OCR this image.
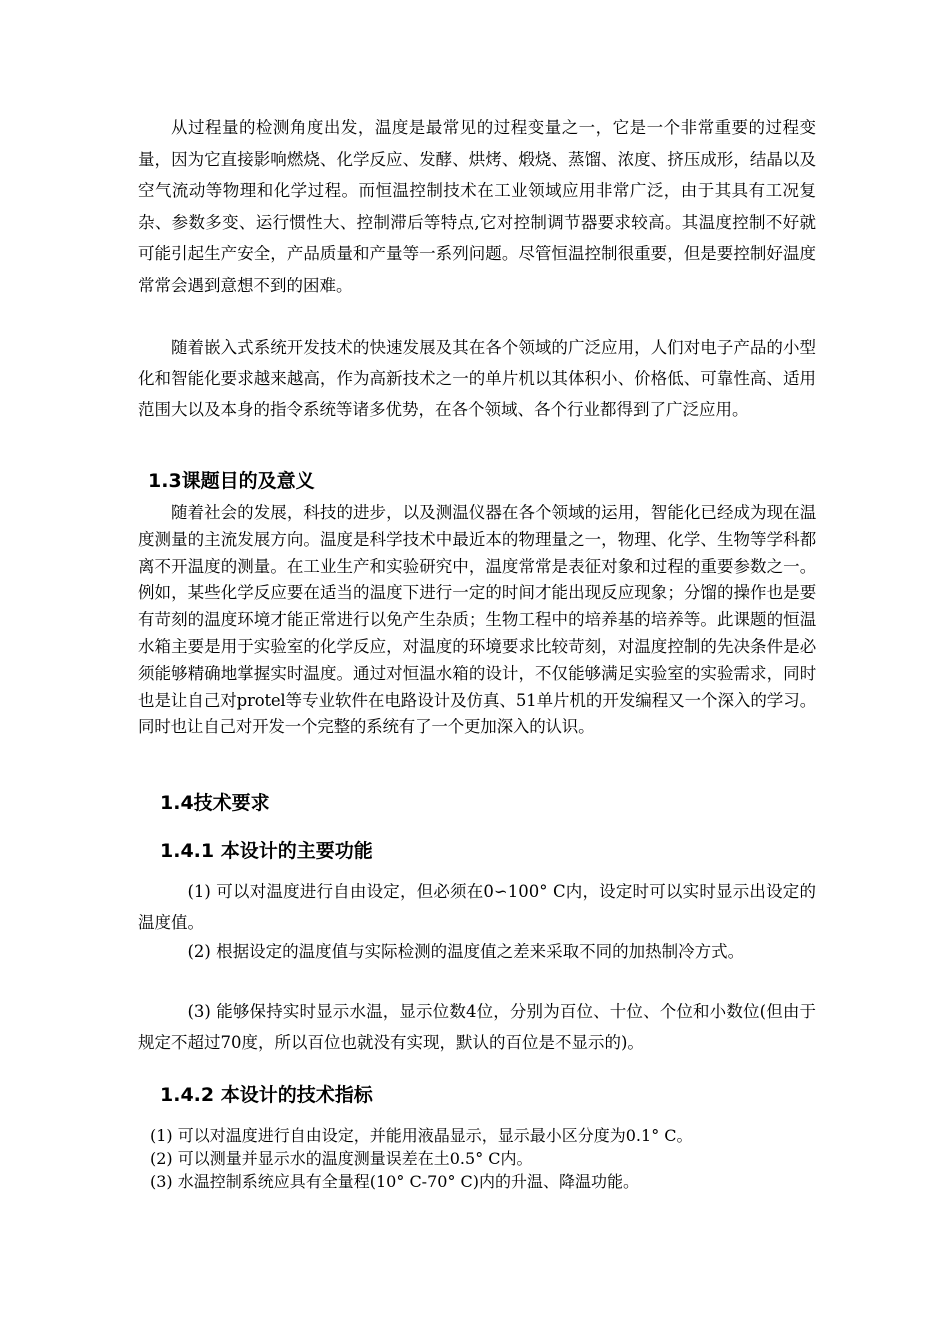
从过程量的检测角度出发，温度是最常见的过程变量之一，它是一个非常重要的过程变量，因为它直接影响燃烧、化学反应、发酵、烘烤、煅烧、蒸馏、浓度、挤压成形，结晶以及空气流动等物理和化学过程。而恒温控制技术在工业领域应用非常广泛，由于其具有工况复杂、参数多变、运行惯性大、控制滞后等特点,它对控制调节器要求较高。其温度控制不好就可能引起生产安全，产品质量和产量等一系列问题。尽管恒温控制很重要，但是要控制好温度常常会遇到意想不到的困难。

随着嵌入式系统开发技术的快速发展及其在各个领域的广泛应用，人们对电子产品的小型化和智能化要求越来越高，作为高新技术之一的单片机以其体积小、价格低、可靠性高、适用范围大以及本身的指令系统等诸多优势，在各个领域、各个行业都得到了广泛应用。

1.3课题目的及意义

随着社会的发展，科技的进步，以及测温仪器在各个领域的运用，智能化已经成为现在温度测量的主流发展方向。温度是科学技术中最近本的物理量之一，物理、化学、生物等学科都离不开温度的测量。在工业生产和实验研究中，温度常常是表征对象和过程的重要参数之一。例如，某些化学反应要在适当的温度下进行一定的时间才能出现反应现象；分馏的操作也是要有苛刻的温度环境才能正常进行以免产生杂质；生物工程中的培养基的培养等。此课题的恒温水箱主要是用于实验室的化学反应，对温度的环境要求比较苛刻，对温度控制的先决条件是必须能够精确地掌握实时温度。通过对恒温水箱的设计，不仅能够满足实验室的实验需求，同时也是让自己对protel等专业软件在电路设计及仿真、51单片机的开发编程又一个深入的学习。同时也让自己对开发一个完整的系统有了一个更加深入的认识。

1.4技术要求
1.4.1 本设计的主要功能

(1) 可以对温度进行自由设定，但必须在0∽100° C内，设定时可以实时显示出设定的温度值。

(2) 根据设定的温度值与实际检测的温度值之差来采取不同的加热制冷方式。

(3) 能够保持实时显示水温，显示位数4位，分别为百位、十位、个位和小数位(但由于规定不超过70度，所以百位也就没有实现，默认的百位是不显示的)。

1.4.2 本设计的技术指标

(1) 可以对温度进行自由设定，并能用液晶显示，显示最小区分度为0.1° C。

(2) 可以测量并显示水的温度测量误差在土0.5° C内。

(3) 水温控制系统应具有全量程(10° C-70° C)内的升温、降温功能。
